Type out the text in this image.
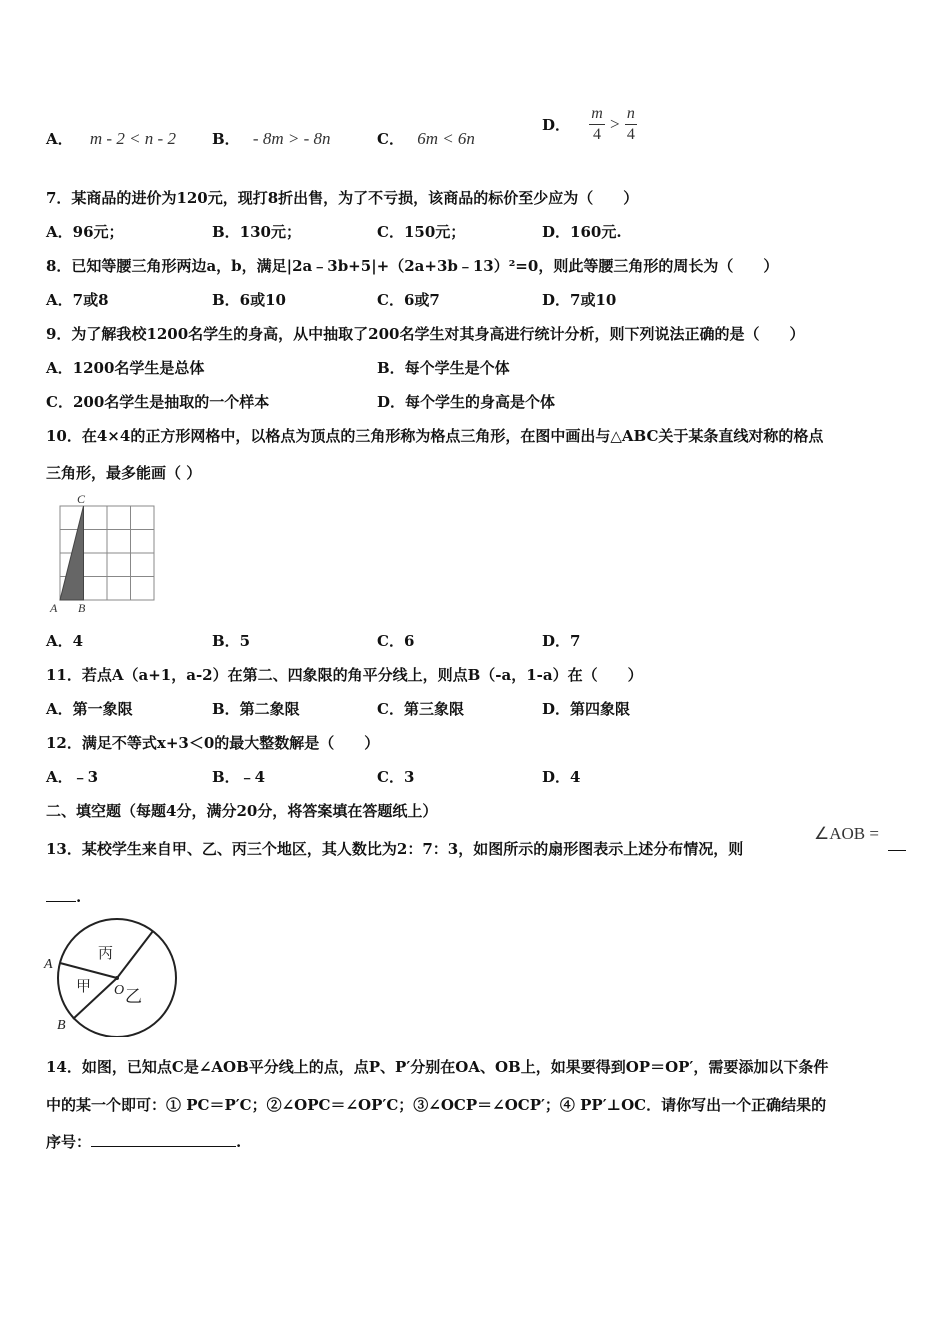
A． m - 2 < n - 2 B． - 8m > - 8n	C． 6m < 6n
D． $\frac{m}{4} > \frac{n}{4}$
7．某商品的进价为120元，现打8折出售，为了不亏损，该商品的标价至少应为（　　）
A．96元；	B．130元；	C．150元；	D．160元.
8．已知等腰三角形两边a，b，满足|2a﹣3b+5|+（2a+3b﹣13）²=0，则此等腰三角形的周长为（　　）
A．7或8	B．6或10	C．6或7	D．7或10
9．为了解我校1200名学生的身高，从中抽取了200名学生对其身高进行统计分析，则下列说法正确的是（　　）
A．1200名学生是总体	B．每个学生是个体
C．200名学生是抽取的一个样本	D．每个学生的身高是个体
10．在4×4的正方形网格中，以格点为顶点的三角形称为格点三角形，在图中画出与△ABC关于某条直线对称的格点
三角形，最多能画（ ）
C
A B
A．4	B．5	C．6	D．7
11．若点A（a+1，a-2）在第二、四象限的角平分线上，则点B（-a，1-a）在（　　）
A．第一象限	B．第二象限	C．第三象限	D．第四象限
12．满足不等式x+3＜0的最大整数解是（　　）
A．﹣3	B．﹣4	C．3	D．4
二、填空题（每题4分，满分20分，将答案填在答题纸上）
13．某校学生来自甲、乙、丙三个地区，其人数比为2：7：3，如图所示的扇形图表示上述分布情况，则
∠AOB =
.
丙
甲 O 乙
A
B
14．如图，已知点C是∠AOB平分线上的点，点P、P′分别在OA、OB上，如果要得到OP＝OP′，需要添加以下条件
中的某一个即可：① PC＝P′C；②∠OPC＝∠OP′C；③∠OCP＝∠OCP′；④ PP′⊥OC．请你写出一个正确结果的
序号：	.
